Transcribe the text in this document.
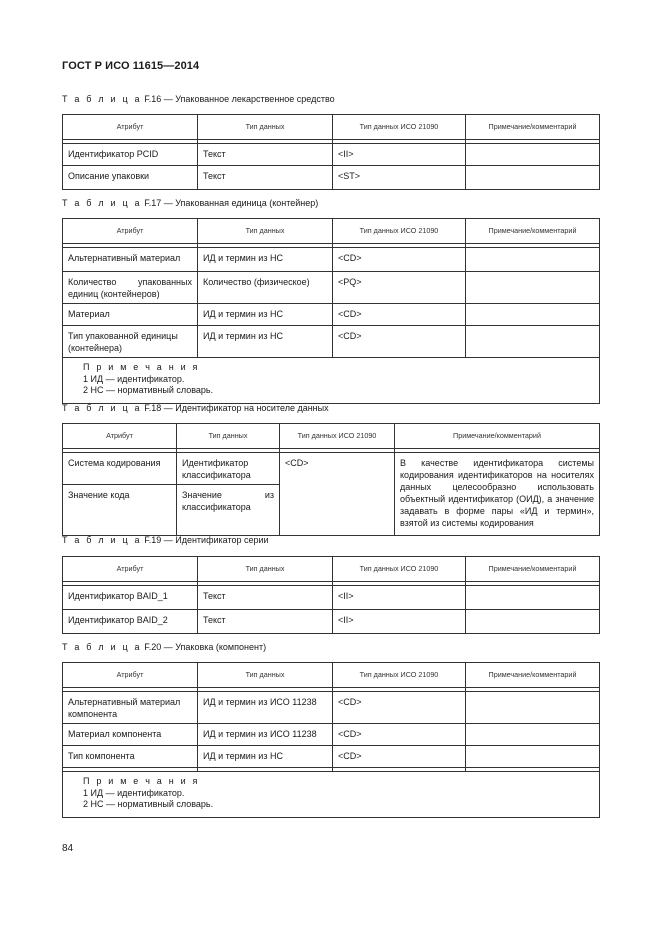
ГОСТ Р ИСО 11615—2014
Т а б л и ц а F.16 — Упакованное лекарственное средство
Атрибут	Тип данных	Тип данных ИСО 21090	Примечание/комментарий

Идентификатор PCID	Текст	<II>	
Описание упаковки	Текст	<ST>	
Т а б л и ц а F.17 — Упакованная единица (контейнер)
Атрибут	Тип данных	Тип данных ИСО 21090	Примечание/комментарий

Альтернативный материал	ИД и термин из НС	<CD>	
Количество упакованных единиц (контейнеров)	Количество (физическое)	<PQ>	
Материал	ИД и термин из НС	<CD>	
Тип упакованной единицы (контейнера)	ИД и термин из НС	<CD>	

П р и м е ч а н и я
1 ИД — идентификатор.
2 НС — нормативный словарь.			
Т а б л и ц а F.18 — Идентификатор на носителе данных
Атрибут	Тип данных	Тип данных ИСО 21090	Примечание/комментарий

Система кодирования	Идентификатор классификатора	<CD>	В качестве идентификатора системы кодирования идентификаторов на носителях данных целесообразно использовать объектный идентификатор (ОИД), а значение задавать в форме пары «ИД и термин», взятой из системы кодирования
Значение кода	Значение из классификатора		
Т а б л и ц а F.19 — Идентификатор серии
Атрибут	Тип данных	Тип данных ИСО 21090	Примечание/комментарий

Идентификатор BAID_1	Текст	<II>	
Идентификатор BAID_2	Текст	<II>	
Т а б л и ц а F.20 — Упаковка (компонент)
Атрибут	Тип данных	Тип данных ИСО 21090	Примечание/комментарий

Альтернативный материал компонента	ИД и термин из ИСО 11238	<CD>	
Материал компонента	ИД и термин из ИСО 11238	<CD>	
Тип компонента	ИД и термин из НС	<CD>	

П р и м е ч а н и я
1 ИД — идентификатор.
2 НС — нормативный словарь.			
84
